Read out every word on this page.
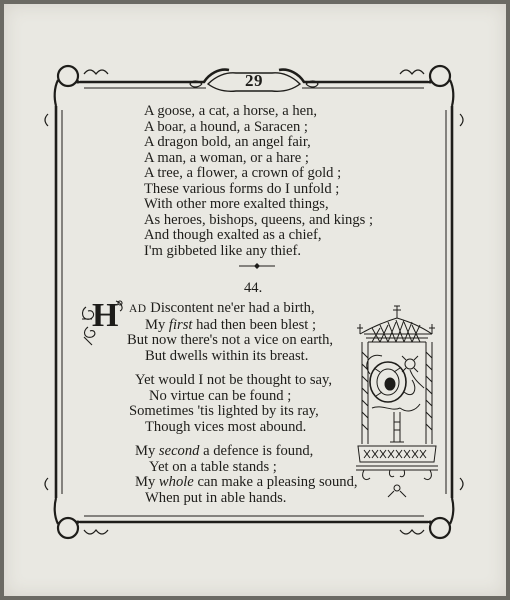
29
A goose, a cat, a horse, a hen,
A boar, a hound, a Saracen ;
A dragon bold, an angel fair,
A man, a woman, or a hare ;
A tree, a flower, a crown of gold ;
These various forms do I unfold ;
With other more exalted things,
As heroes, bishops, queens, and kings ;
And though exalted as a chief,
I'm gibbeted like any thief.
44.
H AD Discontent ne'er had a birth,
My first had then been blest ;
But now there's not a vice on earth,
But dwells within its breast.
Yet would I not be thought to say,
No virtue can be found ;
Sometimes 'tis lighted by its ray,
Though vices most abound.
My second a defence is found,
Yet on a table stands ;
My whole can make a pleasing sound,
When put in able hands.
